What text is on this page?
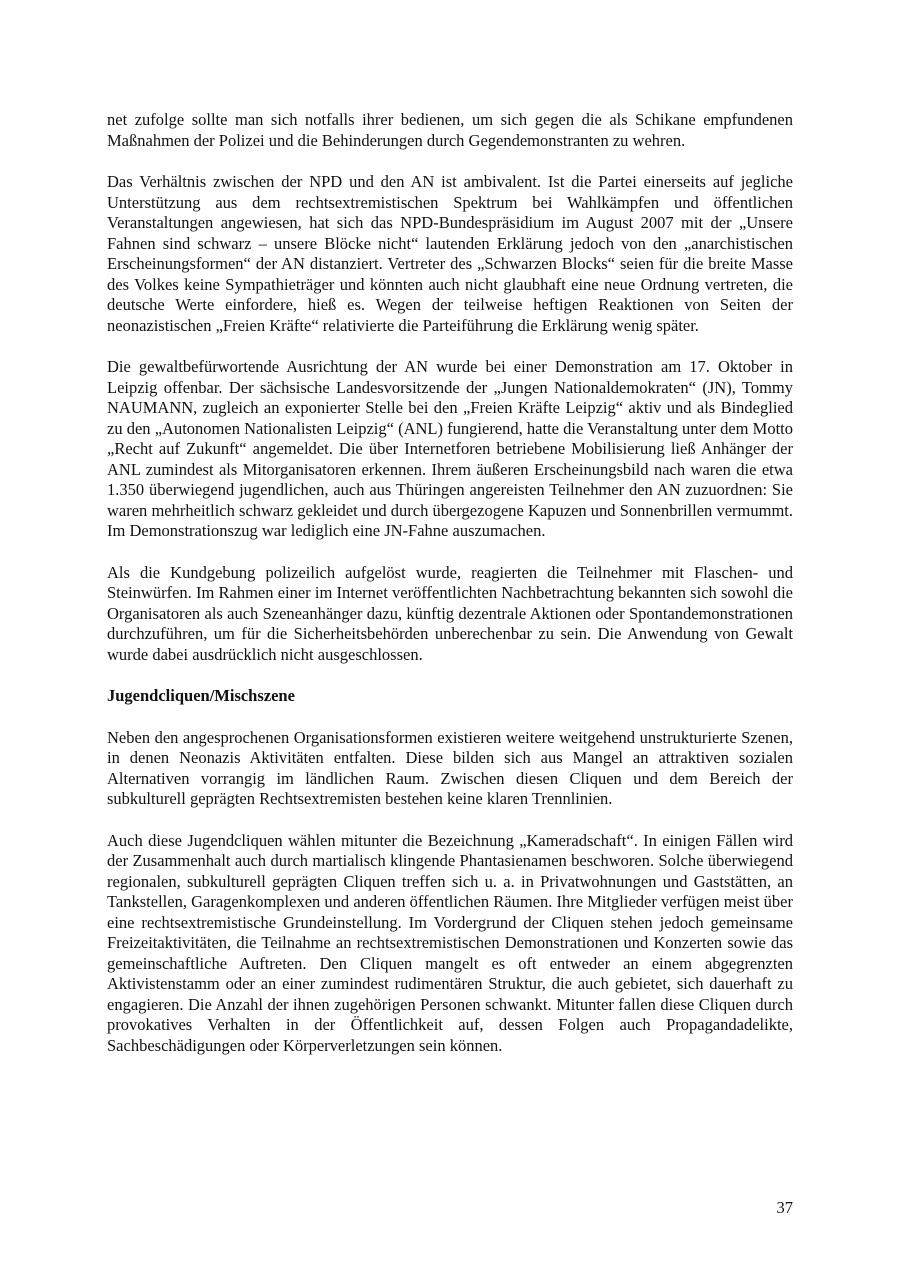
net zufolge sollte man sich notfalls ihrer bedienen, um sich gegen die als Schikane empfundenen Maßnahmen der Polizei und die Behinderungen durch Gegendemonstranten zu wehren.

Das Verhältnis zwischen der NPD und den AN ist ambivalent. Ist die Partei einerseits auf jegliche Unterstützung aus dem rechtsextremistischen Spektrum bei Wahlkämpfen und öffentlichen Veranstaltungen angewiesen, hat sich das NPD-Bundespräsidium im August 2007 mit der „Unsere Fahnen sind schwarz – unsere Blöcke nicht“ lautenden Erklärung jedoch von den „anarchistischen Erscheinungsformen“ der AN distanziert. Vertreter des „Schwarzen Blocks“ seien für die breite Masse des Volkes keine Sympathieträger und könnten auch nicht glaubhaft eine neue Ordnung vertreten, die deutsche Werte einfordere, hieß es. Wegen der teilweise heftigen Reaktionen von Seiten der neonazistischen „Freien Kräfte“ relativierte die Parteiführung die Erklärung wenig später.

Die gewaltbefürwortende Ausrichtung der AN wurde bei einer Demonstration am 17. Oktober in Leipzig offenbar. Der sächsische Landesvorsitzende der „Jungen Nationaldemokraten“ (JN), Tommy NAUMANN, zugleich an exponierter Stelle bei den „Freien Kräfte Leipzig“ aktiv und als Bindeglied zu den „Autonomen Nationalisten Leipzig“ (ANL) fungierend, hatte die Veranstaltung unter dem Motto „Recht auf Zukunft“ angemeldet. Die über Internetforen betriebene Mobilisierung ließ Anhänger der ANL zumindest als Mitorganisatoren erkennen. Ihrem äußeren Erscheinungsbild nach waren die etwa 1.350 überwiegend jugendlichen, auch aus Thüringen angereisten Teilnehmer den AN zuzuordnen: Sie waren mehrheitlich schwarz gekleidet und durch übergezogene Kapuzen und Sonnenbrillen vermummt. Im Demonstrationszug war lediglich eine JN-Fahne auszumachen.

Als die Kundgebung polizeilich aufgelöst wurde, reagierten die Teilnehmer mit Flaschen- und Steinwürfen. Im Rahmen einer im Internet veröffentlichten Nachbetrachtung bekannten sich sowohl die Organisatoren als auch Szeneanhänger dazu, künftig dezentrale Aktionen oder Spontandemonstrationen durchzuführen, um für die Sicherheitsbehörden unberechenbar zu sein. Die Anwendung von Gewalt wurde dabei ausdrücklich nicht ausgeschlossen.

Jugendcliquen/Mischszene

Neben den angesprochenen Organisationsformen existieren weitere weitgehend unstrukturierte Szenen, in denen Neonazis Aktivitäten entfalten. Diese bilden sich aus Mangel an attraktiven sozialen Alternativen vorrangig im ländlichen Raum. Zwischen diesen Cliquen und dem Bereich der subkulturell geprägten Rechtsextremisten bestehen keine klaren Trennlinien.

Auch diese Jugendcliquen wählen mitunter die Bezeichnung „Kameradschaft“. In einigen Fällen wird der Zusammenhalt auch durch martialisch klingende Phantasienamen beschworen. Solche überwiegend regionalen, subkulturell geprägten Cliquen treffen sich u. a. in Privatwohnungen und Gaststätten, an Tankstellen, Garagenkomplexen und anderen öffentlichen Räumen. Ihre Mitglieder verfügen meist über eine rechtsextremistische Grundeinstellung. Im Vordergrund der Cliquen stehen jedoch gemeinsame Freizeitaktivitäten, die Teilnahme an rechtsextremistischen Demonstrationen und Konzerten sowie das gemeinschaftliche Auftreten. Den Cliquen mangelt es oft entweder an einem abgegrenzten Aktivistenstamm oder an einer zumindest rudimentären Struktur, die auch gebietet, sich dauerhaft zu engagieren. Die Anzahl der ihnen zugehörigen Personen schwankt. Mitunter fallen diese Cliquen durch provokatives Verhalten in der Öffentlichkeit auf, dessen Folgen auch Propagandadelikte, Sachbeschädigungen oder Körperverletzungen sein können.

37
